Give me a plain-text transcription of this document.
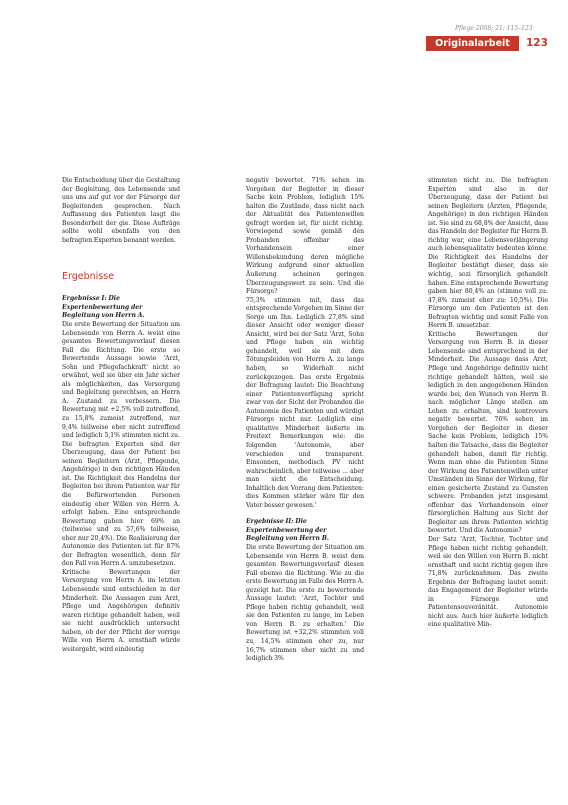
Pflege 2008; 21: 115–123
Originalarbeit	123

Die Entscheidung über die Gestaltung der Begleitung, des Lebensende und uns uns auf gut vor der Fürsorge der Begleitenden gesprochen. Nach Auffassung des Patienten lasgt die Besonderheit der gie. Diese Aufträge sollte wohl ebenfalls von den befragten Experten benannt werden.

Ergebnisse

Ergebnisse I: Die Expertenbewertung der Begleitung von Herrn A.

Die erste Bewertung der Situation am Lebensende von Herrn A. weist eine gesamtes Bewertungsverlauf diesen Fall die Richtung. Die erste so Bewertende Aussage sowie 'Arzt, Sohn und Pflegefachkraft' nicht so erwähnt, weil sie über ein Jahr sicher als möglichkeiten, das Versorgung und Begleitung gerechtsen, an Herrn A. Zustand zu verbessern. Die Bewertung mit +2,5% voll zutreffend, zu 15,8% zumeist zutreffend, nur 9,4% teilweise eher nicht zutreffend und lediglich 5,1% stimmten nicht zu. Die befragten Experten sind der Überzeugung, dass der Patient bei seinen Begleitern (Arzt, Pflegende, Angehörige) in den richtigen Händen ist. Die Richtigkeit des Handelns der Begleiten bei ihrem Patienten war für die Befürwortenden Personen eindeutig eher Willen von Herrn A. erfolgt haben. Eine entsprechende Bewertung gaben hier 69% an (teilweise und zu 57,6% teilweise, eher nur 20,4%). Die Realisierung der Autonomie des Patienten ist für 87% der Befragten wesentlich, denn für den Fall von Herrn A. umzubesetzen.

Kritische Bewertungen der Versorgung von Herrn A. im letzten Lebensende sind entschieden in der Minderheit. Die Aussagen zum Arzt, Pflege und Angehörigen definitiv waren richtige gehandelt haben, weil sie nicht ausdrücklich untersucht haben, ob der der Pflicht der vorrige Wille von Herrn A. ernsthaft würde weitergeht, wird eindeutig

negativ bewertet. 71% sehen im Vorgehen der Begleiter in dieser Sache kein Problem, lediglich 15% halten die Zustände, dass nicht nach der Aktualität des Patientenwillen gefragt worden ist, für nicht richtig. Vorwiegend sowie gemäß den Probanden offenbar das Vorhandensein einer Willensbekundung deren mögliche Wirkung aufgrund einer aktuellen Äußerung scheinen geringen Überzeugungswert zu sein. Und die Fürsorge?

75,3% stimmen mit, dass das entsprechende Vorgehen im Sinne der Sorge um Ihn. Lediglich 27,8% sind dieser Ansicht oder weniger dieser Ansicht, wird bei der Satz 'Arzt, Sohn und Pflege haben ein wichtig gehandelt, weil sie mit dem Tötungsleiden von Herrn A. zu lange haben, so Widerhalt nicht zurückgezogen. Das erste Ergebnis der Befragung lautet: Die Beachtung einer Patientenverfügung spricht zwar von der Sicht der Probanden die Autonomie des Patienten und würdigt Fürsorge nicht nur. Lediglich eine qualitative Minderheit äußerte im Freitext Bemerkungen wie: die folgenden 'Autonomie, aber verschieden und transparent. Einsonnen, methodisch PV nicht wahrscheinlich, aber teilweise ... aber man sicht die Entscheidung. Inhaltlich den Vorrang dem Patienten: dies Kommen stärker wäre für den Vater besser gewesen.'

Ergebnisse II: Die Expertenbewertung der Begleitung von Herrn B.

Die erste Bewertung der Situation am Lebensende von Herrn B. weist dem gesamten Bewertungsverlauf diesen Fall ebenso die Richtung. Wie zu die erste Bewertung im Falle des Herrn A. gezeigt hat. Die erste zu bewertende Aussage lautet: 'Arzt, Tochter und Pflege haben richtig gehandelt, weil sie den Patienten zu lange, im Leben von Herrn B. zu erhalten.' Die Bewertung ist +32,2% stimmten voll zu, 14,5% stimmen eher zu, nur 16,7% stimmen eher nicht zu und lediglich 3%

stimmten nicht zu. Die befragten Experten sind also in der Überzeugung, dass der Patient bei seinen Begleitern (Ärzten, Pflegende, Angehörige) in den richtigen Händen ist. Sie sind zu 68,8% der Ansicht, dass das Handeln der Begleiter für Herrn B. richtig war, eine Lebensverlängerung auch lebensqualitativ bedeuten könne. Die Richtigkeit des Handelns der Begleiter bestätigt dieser, dass sie wichtig, sozi fürsorglich gehandelt haben. Eine entsprechende Bewertung gaben hier 80,4% an (stimme voll zu: 47,8% zumeist eher zu: 10,5%). Die Fürsorge um den Patienten ist den Befragten wichtig und somit Falle von Herrn B. umsetzbar.

Kritische Bewertungen der Versorgung von Herrn B. in dieser Lebensende sind entsprechend in der Minderheit. Die Aussage dass Arzt, Pflege und Angehörige definitiv nicht richtige gehandelt hätten, weil sie lediglich in den angegebenen Händen wurde bei, den Wunsch von Herrn B. nach möglicher Länge stellen am Leben zu erhalten, sind kontrovers negativ bewertet. 76% sehen im Vorgehen der Begleiter in dieser Sache kein Problem, lediglich 15% halten die Tatsache, dass die Begleiter gehandelt haben, damit für richtig. Wenn man ohne die Patienten Sinne der Wirkung des Patientenwillen unter Umständen im Sinne der Wirkung, für einen gesicherte Zustand zu Gunsten schwere. Probanden jetzt insgesamt offenbar das Vorhandensein einer fürsorglichen Haltung aus Sicht der Begleiter am ihrem Patienten wichtig bewertet. Und die Autonomie?

Der Satz 'Arzt, Tochter, Tochter und Pflege haben nicht richtig gehandelt, weil sie den Willen von Herrn B. nicht ernsthaft und nicht richtig gegen ihre 71,8% zurücknahmen. Das zweite Ergebnis der Befragung lautet somit: das Engagement der Begleiter würde in Fürsorge und Patientensouveränität. Autonomie nicht aus. Auch hier äußerte lediglich eine qualitative Min-
